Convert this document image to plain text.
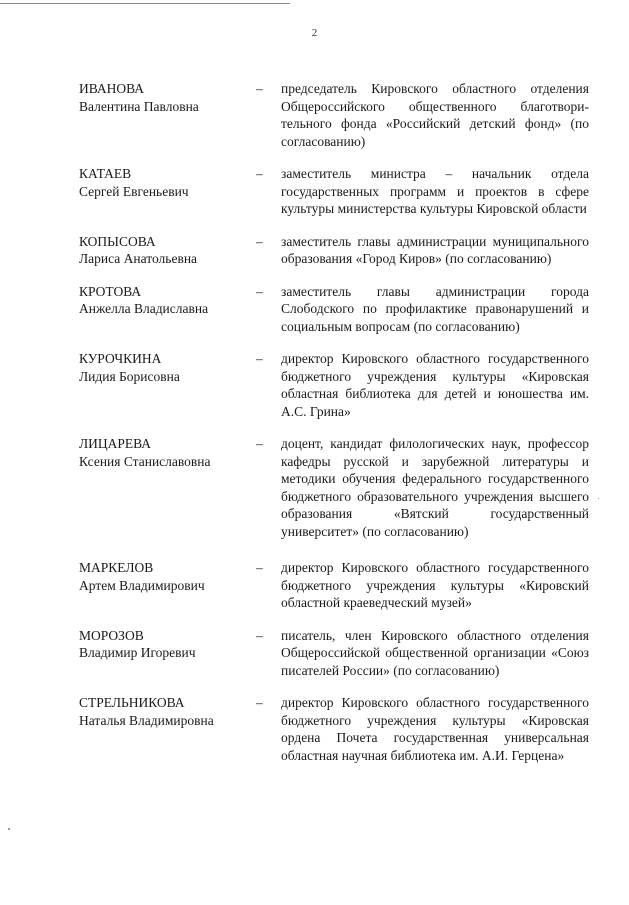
2
ИВАНОВА
Валентина Павловна
–	председатель Кировского областного отделения Общероссийского общественного благотворительного фонда «Российский детский фонд» (по согласованию)
КАТАЕВ
Сергей Евгеньевич
–	заместитель министра – начальник отдела государственных программ и проектов в сфере культуры министерства культуры Кировской области
КОПЫСОВА
Лариса Анатольевна
–	заместитель главы администрации муниципального образования «Город Киров» (по согласованию)
КРОТОВА
Анжелла Владиславна
–	заместитель главы администрации города Слободского по профилактике правонарушений и социальным вопросам (по согласованию)
КУРОЧКИНА
Лидия Борисовна
–	директор Кировского областного государственного бюджетного учреждения культуры «Кировская областная библиотека для детей и юношества им. А.С. Грина»
ЛИЦАРЕВА
Ксения Станиславовна
–	доцент, кандидат филологических наук, профессор кафедры русской и зарубежной литературы и методики обучения федерального государственного бюджетного образовательного учреждения высшего образования «Вятский государственный университет» (по согласованию)
МАРКЕЛОВ
Артем Владимирович
–	директор Кировского областного государственного бюджетного учреждения культуры «Кировский областной краеведческий музей»
МОРОЗОВ
Владимир Игоревич
–	писатель, член Кировского областного отделения Общероссийской общественной организации «Союз писателей России» (по согласованию)
СТРЕЛЬНИКОВА
Наталья Владимировна
–	директор Кировского областного государственного бюджетного учреждения культуры «Кировская ордена Почета государственная универсальная областная научная библиотека им. А.И. Герцена»
